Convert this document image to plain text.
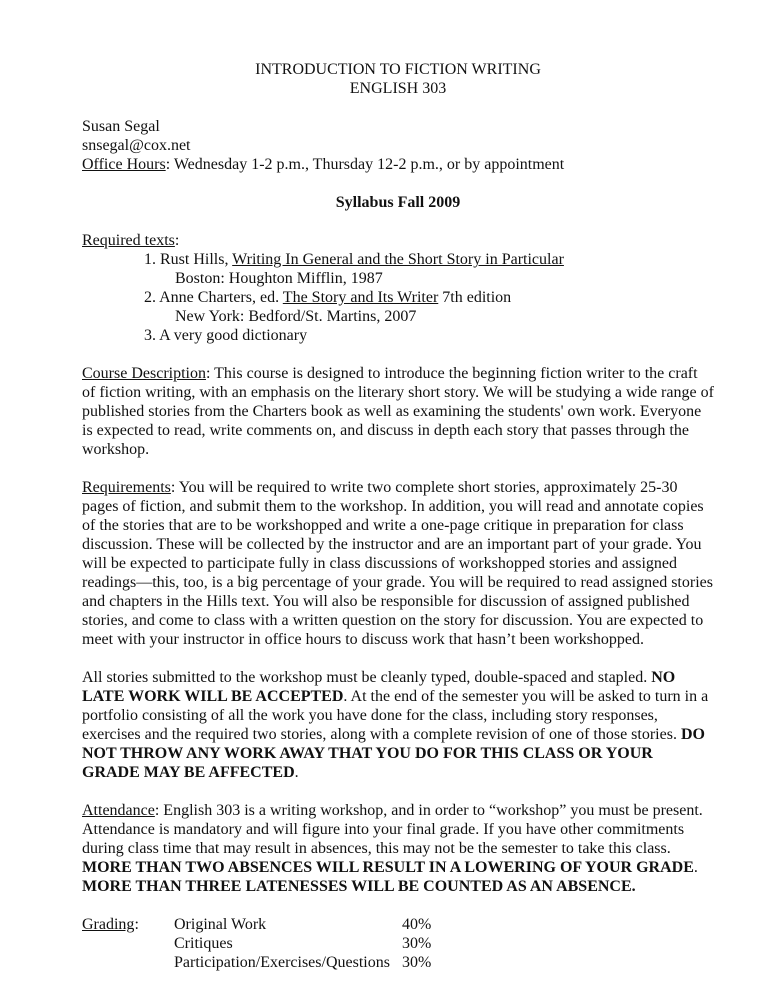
INTRODUCTION TO FICTION WRITING

ENGLISH 303

Susan Segal

snsegal@cox.net

Office Hours: Wednesday 1-2 p.m., Thursday 12-2 p.m., or by appointment

Syllabus Fall 2009

Required texts:

1. Rust Hills, Writing In General and the Short Story in Particular

Boston: Houghton Mifflin, 1987

2. Anne Charters, ed. The Story and Its Writer 7th edition

New York: Bedford/St. Martins, 2007

3. A very good dictionary

Course Description: This course is designed to introduce the beginning fiction writer to the craft of fiction writing, with an emphasis on the literary short story. We will be studying a wide range of published stories from the Charters book as well as examining the students' own work. Everyone is expected to read, write comments on, and discuss in depth each story that passes through the workshop.

Requirements: You will be required to write two complete short stories, approximately 25-30 pages of fiction, and submit them to the workshop. In addition, you will read and annotate copies of the stories that are to be workshopped and write a one-page critique in preparation for class discussion. These will be collected by the instructor and are an important part of your grade. You will be expected to participate fully in class discussions of workshopped stories and assigned readings—this, too, is a big percentage of your grade. You will be required to read assigned stories and chapters in the Hills text. You will also be responsible for discussion of assigned published stories, and come to class with a written question on the story for discussion. You are expected to meet with your instructor in office hours to discuss work that hasn’t been workshopped.

All stories submitted to the workshop must be cleanly typed, double-spaced and stapled. NO LATE WORK WILL BE ACCEPTED. At the end of the semester you will be asked to turn in a portfolio consisting of all the work you have done for the class, including story responses, exercises and the required two stories, along with a complete revision of one of those stories. DO NOT THROW ANY WORK AWAY THAT YOU DO FOR THIS CLASS OR YOUR GRADE MAY BE AFFECTED.

Attendance: English 303 is a writing workshop, and in order to “workshop” you must be present. Attendance is mandatory and will figure into your final grade. If you have other commitments during class time that may result in absences, this may not be the semester to take this class. MORE THAN TWO ABSENCES WILL RESULT IN A LOWERING OF YOUR GRADE. MORE THAN THREE LATENESSES WILL BE COUNTED AS AN ABSENCE.

Grading:	Original Work
Critiques
Participation/Exercises/Questions
40%
30%
30%
